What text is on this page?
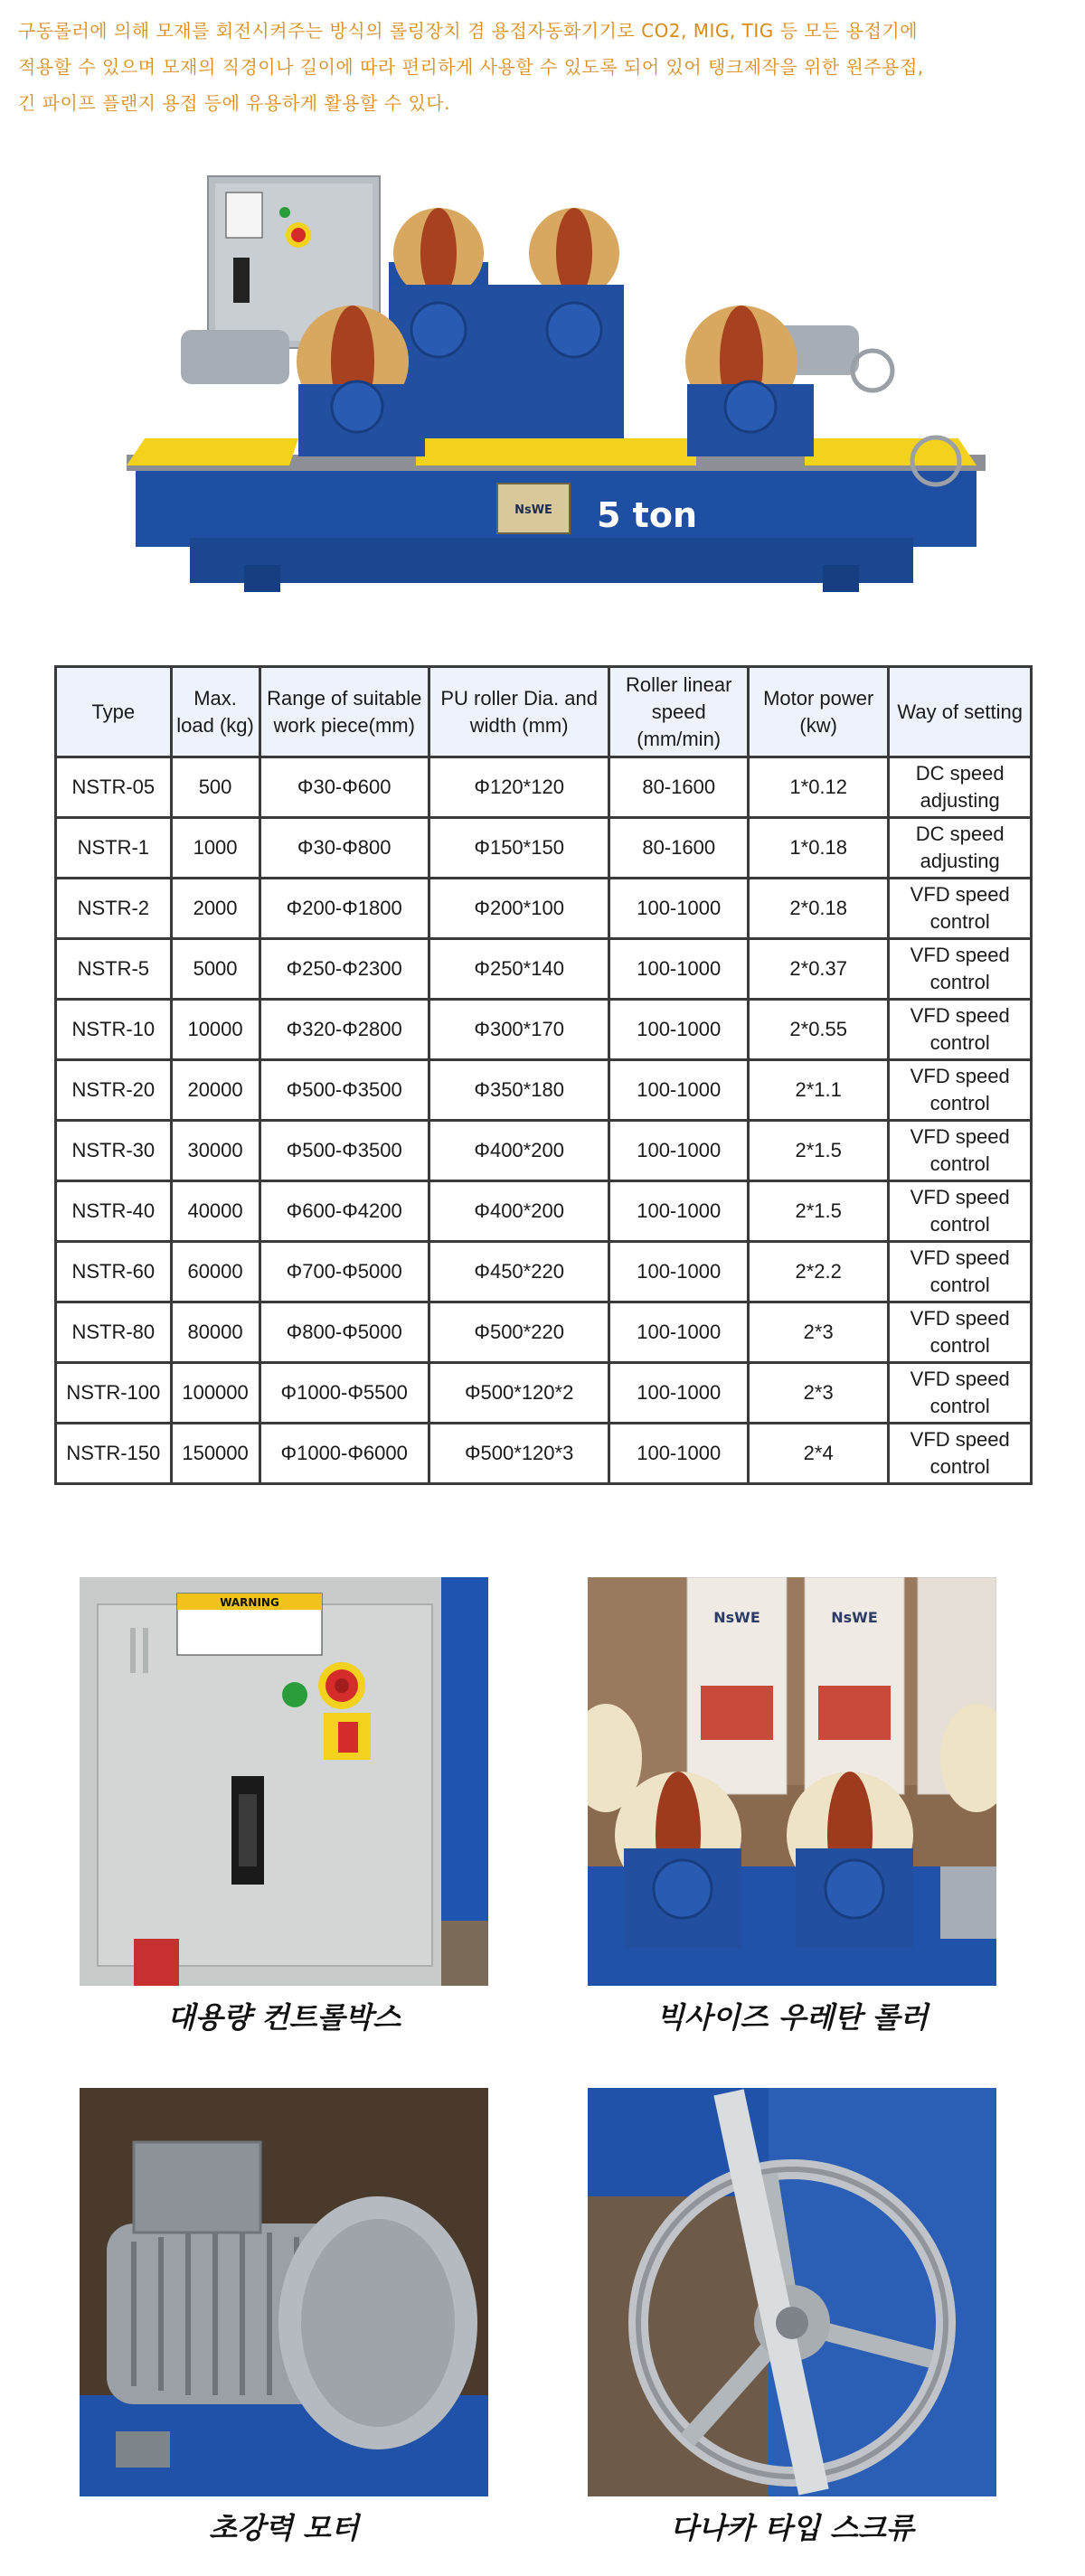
구동롤러에 의해 모재를 회전시켜주는 방식의 롤링장치 겸 용접자동화기기로 CO2, MIG, TIG 등 모든 용접기에
적용할 수 있으며 모재의 직경이나 길이에 따라 편리하게 사용할 수 있도록 되어 있어 탱크제작을 위한 원주용접,
긴 파이프 플랜지 용접 등에 유용하게 활용할 수 있다.
NsWE 5 ton
Type	Max. load (kg)	Range of suitable work piece(mm)	PU roller Dia. and width (mm)	Roller linear speed (mm/min)	Motor power (kw)	Way of setting
NSTR-05	500	Φ30-Φ600	Φ120*120	80-1600	1*0.12	DC speed adjusting
NSTR-1	1000	Φ30-Φ800	Φ150*150	80-1600	1*0.18	DC speed adjusting
NSTR-2	2000	Φ200-Φ1800	Φ200*100	100-1000	2*0.18	VFD speed control
NSTR-5	5000	Φ250-Φ2300	Φ250*140	100-1000	2*0.37	VFD speed control
NSTR-10	10000	Φ320-Φ2800	Φ300*170	100-1000	2*0.55	VFD speed control
NSTR-20	20000	Φ500-Φ3500	Φ350*180	100-1000	2*1.1	VFD speed control
NSTR-30	30000	Φ500-Φ3500	Φ400*200	100-1000	2*1.5	VFD speed control
NSTR-40	40000	Φ600-Φ4200	Φ400*200	100-1000	2*1.5	VFD speed control
NSTR-60	60000	Φ700-Φ5000	Φ450*220	100-1000	2*2.2	VFD speed control
NSTR-80	80000	Φ800-Φ5000	Φ500*220	100-1000	2*3	VFD speed control
NSTR-100	100000	Φ1000-Φ5500	Φ500*120*2	100-1000	2*3	VFD speed control
NSTR-150	150000	Φ1000-Φ6000	Φ500*120*3	100-1000	2*4	VFD speed control
WARNING
대용량 컨트롤박스
NsWE	NsWE
빅사이즈 우레탄 롤러
초강력 모터	다나카 타입 스크류
